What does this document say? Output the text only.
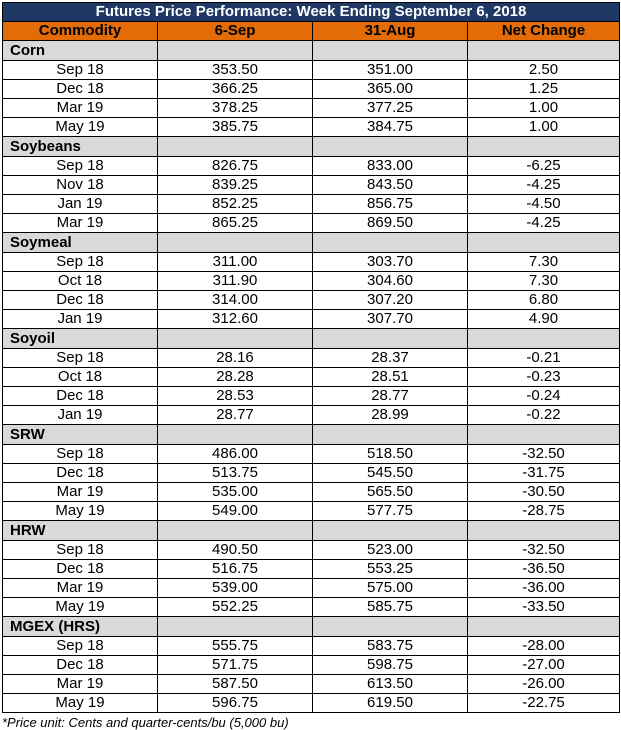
Futures Price Performance: Week Ending September 6, 2018			
Commodity	6-Sep	31-Aug	Net Change
Corn			
Sep 18	353.50	351.00	2.50
Dec 18	366.25	365.00	1.25
Mar 19	378.25	377.25	1.00
May 19	385.75	384.75	1.00
Soybeans			
Sep 18	826.75	833.00	-6.25
Nov 18	839.25	843.50	-4.25
Jan 19	852.25	856.75	-4.50
Mar 19	865.25	869.50	-4.25
Soymeal			
Sep 18	311.00	303.70	7.30
Oct 18	311.90	304.60	7.30
Dec 18	314.00	307.20	6.80
Jan 19	312.60	307.70	4.90
Soyoil			
Sep 18	28.16	28.37	-0.21
Oct 18	28.28	28.51	-0.23
Dec 18	28.53	28.77	-0.24
Jan 19	28.77	28.99	-0.22
SRW			
Sep 18	486.00	518.50	-32.50
Dec 18	513.75	545.50	-31.75
Mar 19	535.00	565.50	-30.50
May 19	549.00	577.75	-28.75
HRW			
Sep 18	490.50	523.00	-32.50
Dec 18	516.75	553.25	-36.50
Mar 19	539.00	575.00	-36.00
May 19	552.25	585.75	-33.50
MGEX (HRS)			
Sep 18	555.75	583.75	-28.00
Dec 18	571.75	598.75	-27.00
Mar 19	587.50	613.50	-26.00
May 19	596.75	619.50	-22.75
*Price unit: Cents and quarter-cents/bu (5,000 bu)
